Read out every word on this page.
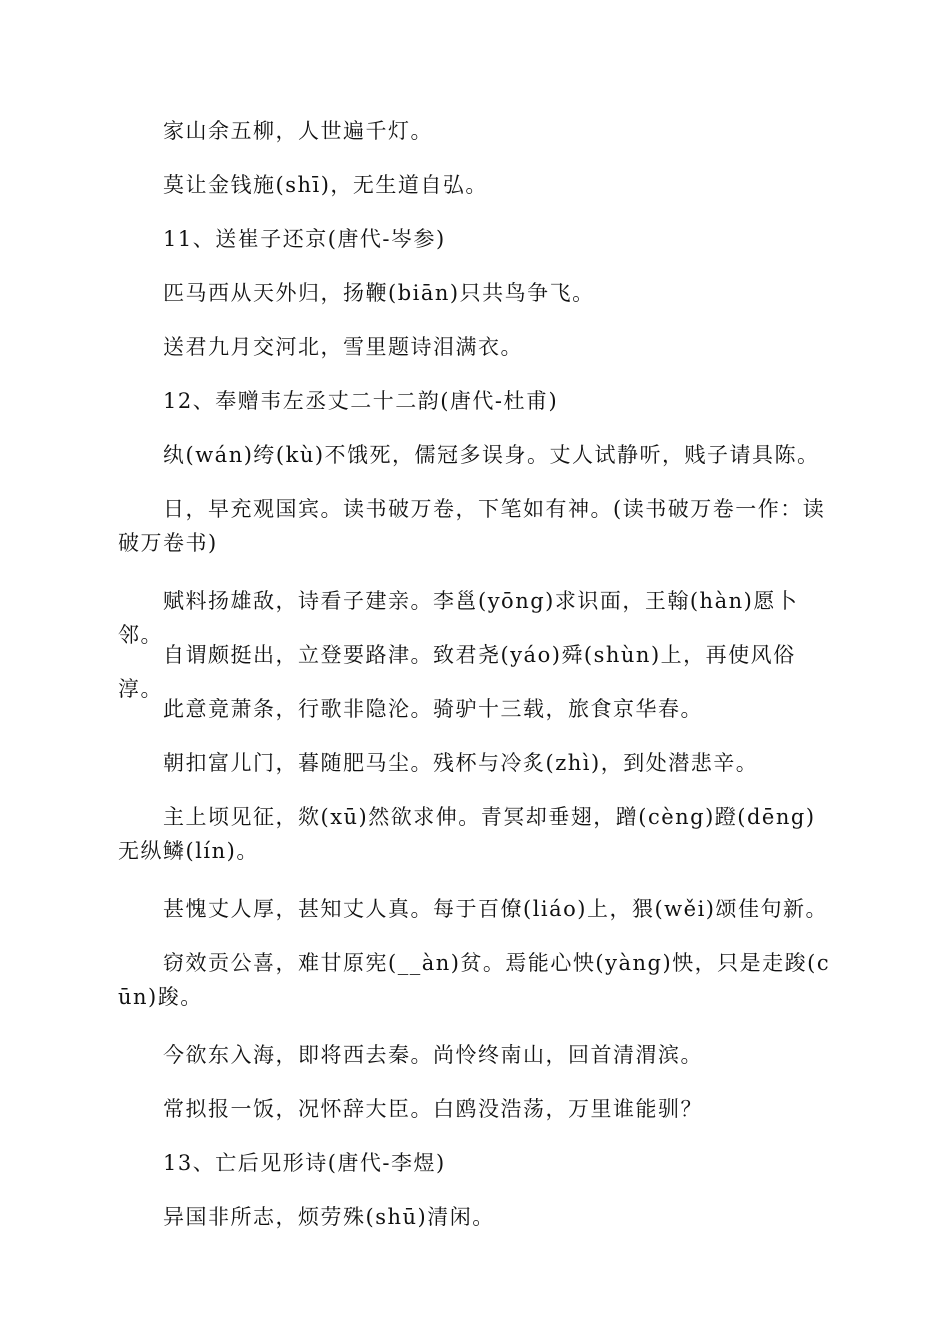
家山余五柳，人世遍千灯。

莫让金钱施(shī)，无生道自弘。

11、送崔子还京(唐代-岑参)

匹马西从天外归，扬鞭(biān)只共鸟争飞。

送君九月交河北，雪里题诗泪满衣。

12、奉赠韦左丞丈二十二韵(唐代-杜甫)

纨(wán)绔(kù)不饿死，儒冠多误身。丈人试静听，贱子请具陈。

日，早充观国宾。读书破万卷，下笔如有神。(读书破万卷一作：读破万卷书)

赋料扬雄敌，诗看子建亲。李邕(yōng)求识面，王翰(hàn)愿卜邻。

自谓颇挺出，立登要路津。致君尧(yáo)舜(shùn)上，再使风俗淳。

此意竟萧条，行歌非隐沦。骑驴十三载，旅食京华春。

朝扣富儿门，暮随肥马尘。残杯与冷炙(zhì)，到处潜悲辛。

主上顷见征，欻(xū)然欲求伸。青冥却垂翅，蹭(cèng)蹬(dēng)无纵鳞(lín)。

甚愧丈人厚，甚知丈人真。每于百僚(liáo)上，猥(wěi)颂佳句新。

窃效贡公喜，难甘原宪(__àn)贫。焉能心怏(yàng)怏，只是走踆(cūn)踆。

今欲东入海，即将西去秦。尚怜终南山，回首清渭滨。

常拟报一饭，况怀辞大臣。白鸥没浩荡，万里谁能驯？

13、亡后见形诗(唐代-李煜)

异国非所志，烦劳殊(shū)清闲。
